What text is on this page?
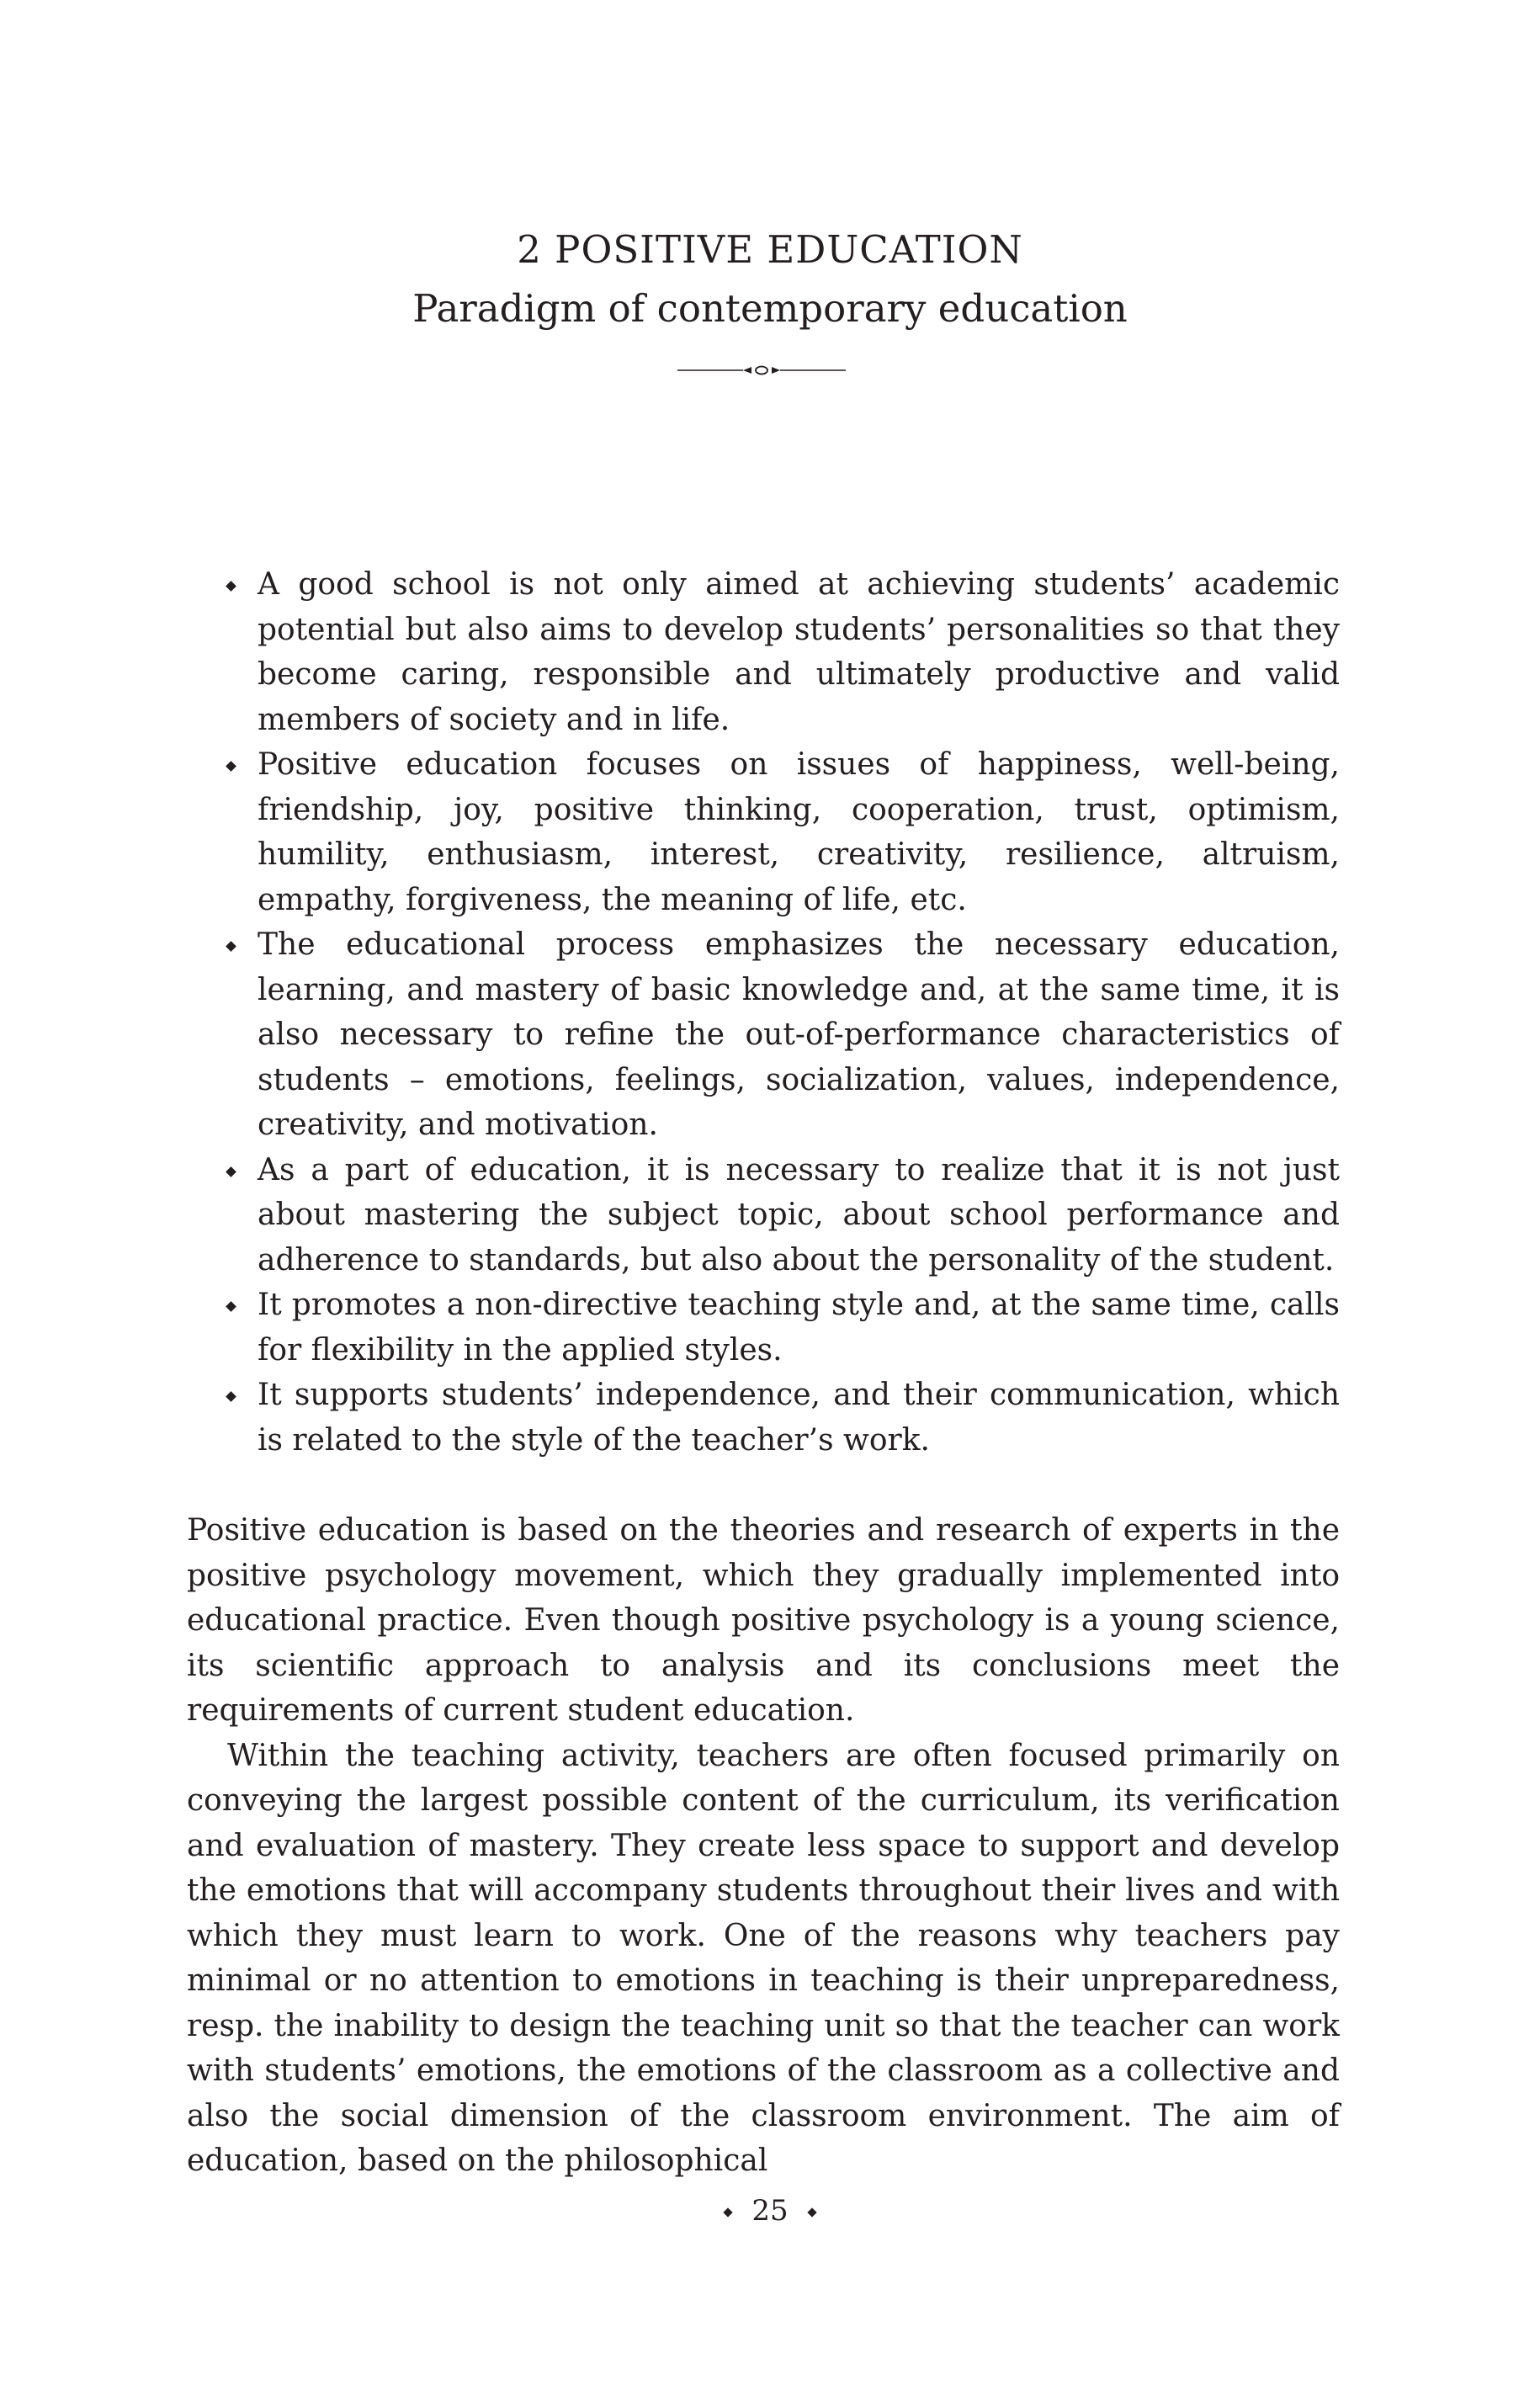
2 POSITIVE EDUCATION
Paradigm of contemporary education
A good school is not only aimed at achieving students’ academic potential but also aims to develop students’ personalities so that they become caring, responsible and ultimately productive and valid members of society and in life.
Positive education focuses on issues of happiness, well-being, friendship, joy, positive thinking, cooperation, trust, optimism, humility, enthusiasm, interest, creativity, resilience, altruism, empathy, forgiveness, the meaning of life, etc.
The educational process emphasizes the necessary education, learning, and mastery of basic knowledge and, at the same time, it is also necessary to refine the out-of-performance characteristics of students – emotions, feelings, socialization, values, independence, creativity, and motivation.
As a part of education, it is necessary to realize that it is not just about mastering the subject topic, about school performance and adherence to standards, but also about the personality of the student.
It promotes a non-directive teaching style and, at the same time, calls for flexibility in the applied styles.
It supports students’ independence, and their communication, which is related to the style of the teacher’s work.

Positive education is based on the theories and research of experts in the positive psychology movement, which they gradually implemented into educational practice. Even though positive psychology is a young science, its scientific approach to analysis and its conclusions meet the requirements of current student education.

Within the teaching activity, teachers are often focused primarily on conveying the largest possible content of the curriculum, its verification and evaluation of mastery. They create less space to support and develop the emotions that will accompany students throughout their lives and with which they must learn to work. One of the reasons why teachers pay minimal or no attention to emotions in teaching is their unpreparedness, resp. the inability to design the teaching unit so that the teacher can work with students’ emotions, the emotions of the classroom as a collective and also the social dimension of the classroom environment. The aim of education, based on the philosophical

25
